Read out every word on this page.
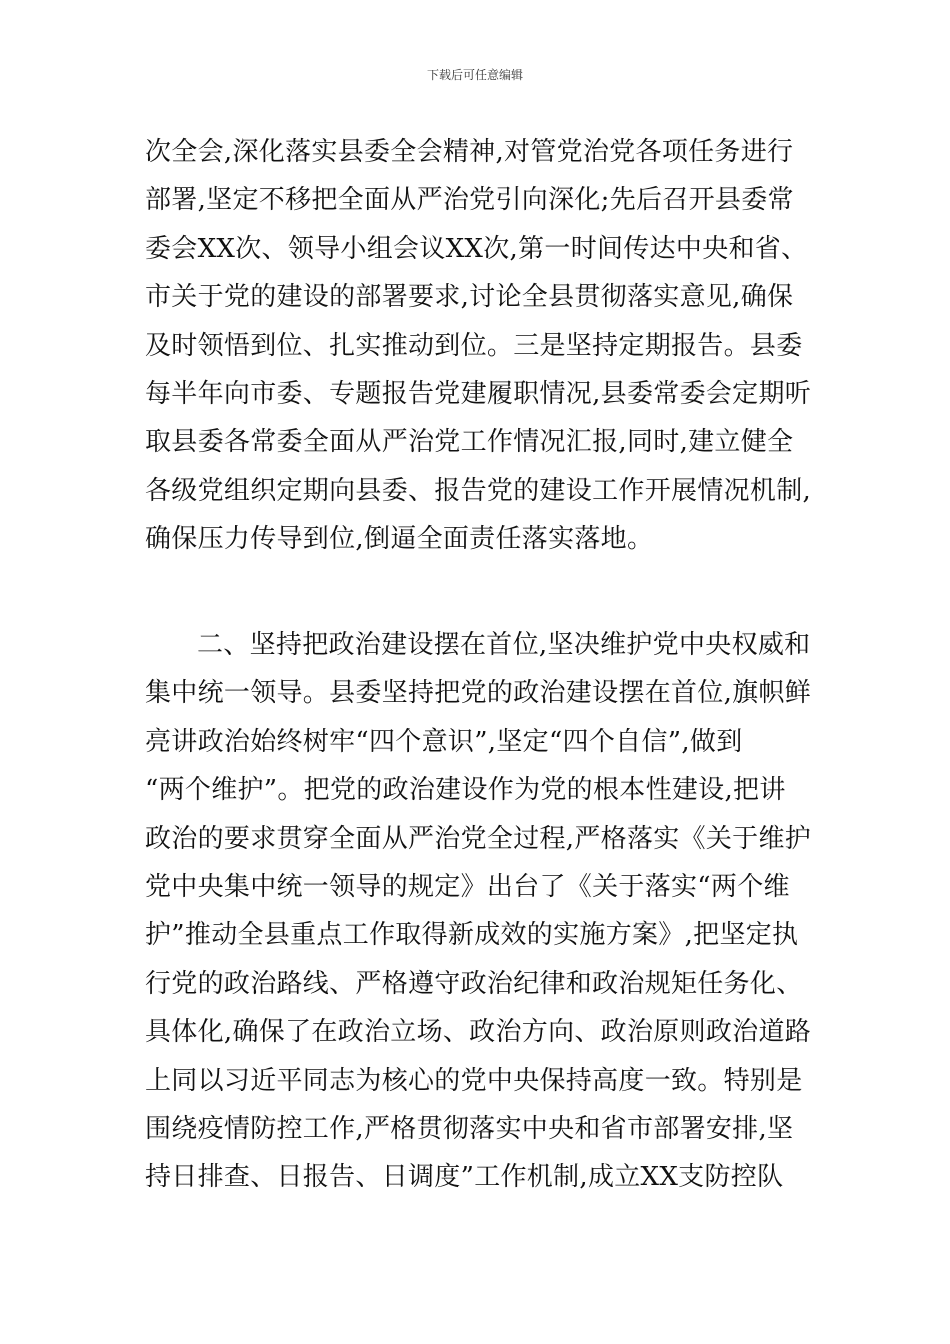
下载后可任意编辑
次全会,深化落实县委全会精神,对管党治党各项任务进行
部署,坚定不移把全面从严治党引向深化;先后召开县委常
委会XX次、领导小组会议XX次,第一时间传达中央和省、
市关于党的建设的部署要求,讨论全县贯彻落实意见,确保
及时领悟到位、扎实推动到位。三是坚持定期报告。县委
每半年向市委、专题报告党建履职情况,县委常委会定期听
取县委各常委全面从严治党工作情况汇报,同时,建立健全
各级党组织定期向县委、报告党的建设工作开展情况机制,
确保压力传导到位,倒逼全面责任落实落地。
二、坚持把政治建设摆在首位,坚决维护党中央权威和
集中统一领导。县委坚持把党的政治建设摆在首位,旗帜鲜
亮讲政治始终树牢“四个意识”,坚定“四个自信”,做到
“两个维护”。把党的政治建设作为党的根本性建设,把讲
政治的要求贯穿全面从严治党全过程,严格落实《关于维护
党中央集中统一领导的规定》出台了《关于落实“两个维
护”推动全县重点工作取得新成效的实施方案》,把坚定执
行党的政治路线、严格遵守政治纪律和政治规矩任务化、
具体化,确保了在政治立场、政治方向、政治原则政治道路
上同以习近平同志为核心的党中央保持高度一致。特别是
围绕疫情防控工作,严格贯彻落实中央和省市部署安排,坚
持日排查、日报告、日调度”工作机制,成立XX支防控队
